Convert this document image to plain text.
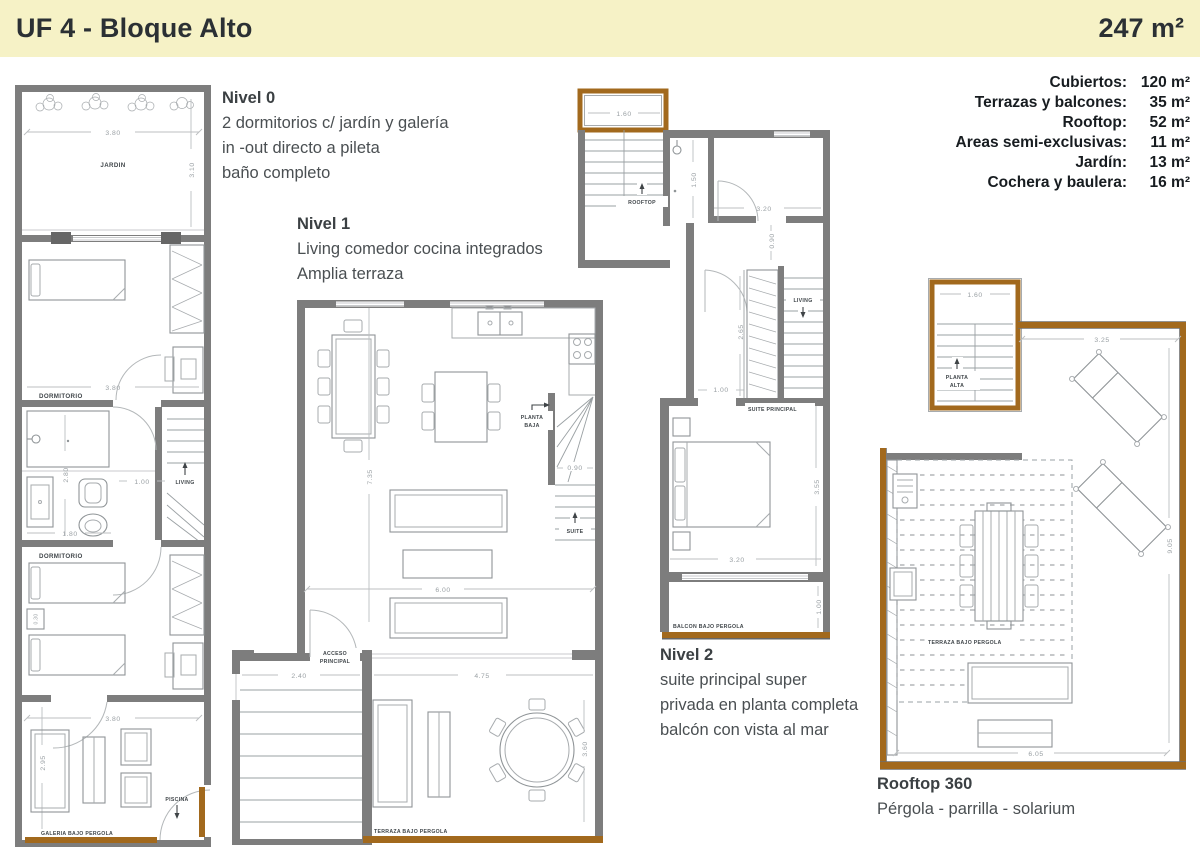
UF 4 - Bloque Alto	247 m²
Cubiertos: 120 m²
Terrazas y balcones:	35 m²
Rooftop:	52 m²
Areas semi-exclusivas:	11 m²
Jardín:	13 m²
Cochera y baulera:	16 m²
Nivel 0
2 dormitorios c/ jardín y galería
in -out directo a pileta
baño completo
Nivel 1
Living comedor cocina integrados
Amplia terraza
Nivel 2
suite principal super
privada en planta completa
balcón con vista al mar
Rooftop 360
Pérgola - parrilla - solarium
3.80
3.10
JARDIN
3.80
DORMITORIO
2.80
1.80
LIVING
1.00
DORMITORIO
0.30
3.80
2.95
PISCINA
GALERIA BAJO PERGOLA
7.35
PLANTA
BAJA
0.90
SUITE
6.00
ACCESO
PRINCIPAL
2.40	4.75
3.60
TERRAZA BAJO PERGOLA
1.60
ROOFTOP
1.50
3.20
0.90
1.00
2.65
LIVING
SUITE PRINCIPAL
3.55
3.20
1.00
BALCON BAJO PERGOLA
1.60
PLANTA
ALTA
3.25
TERRAZA BAJO PERGOLA
9.05
6.05
